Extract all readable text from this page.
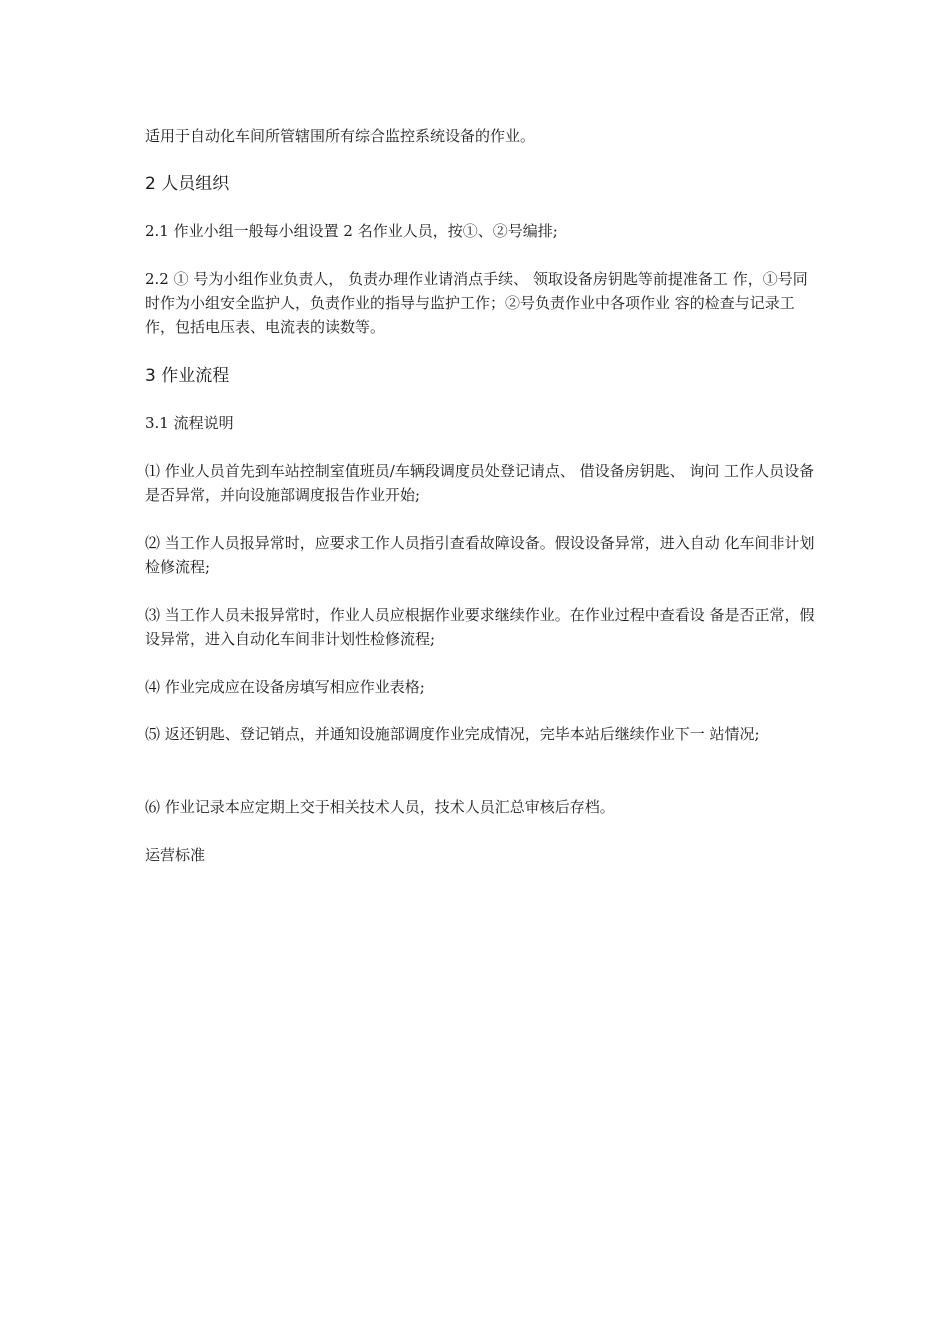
适用于自动化车间所管辖围所有综合监控系统设备的作业。

2 人员组织

2.1 作业小组一般每小组设置 2 名作业人员，按①、②号编排;

2.2 ① 号为小组作业负责人， 负责办理作业请消点手续、 领取设备房钥匙等前提准备工 作，①号同时作为小组安全监护人，负责作业的指导与监护工作；②号负责作业中各项作业 容的检查与记录工作，包括电压表、电流表的读数等。

3 作业流程

3.1 流程说明

⑴ 作业人员首先到车站控制室值班员/车辆段调度员处登记请点、 借设备房钥匙、 询问 工作人员设备是否异常，并向设施部调度报告作业开始;

⑵ 当工作人员报异常时，应要求工作人员指引查看故障设备。假设设备异常，进入自动 化车间非计划检修流程;

⑶ 当工作人员未报异常时，作业人员应根据作业要求继续作业。在作业过程中查看设 备是否正常，假设异常，进入自动化车间非计划性检修流程;

⑷ 作业完成应在设备房填写相应作业表格;

⑸ 返还钥匙、登记销点，并通知设施部调度作业完成情况，完毕本站后继续作业下一 站情况;

⑹ 作业记录本应定期上交于相关技术人员，技术人员汇总审核后存档。

运营标准
